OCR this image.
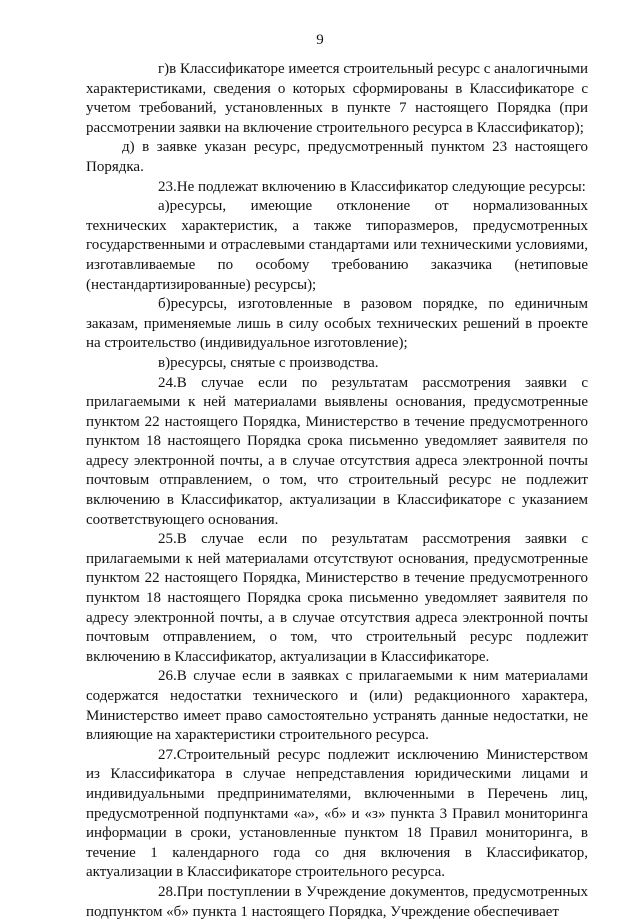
9

г)в Классификаторе имеется строительный ресурс с аналогичными характеристиками, сведения о которых сформированы в Классификаторе с учетом требований, установленных в пункте 7 настоящего Порядка (при рассмотрении заявки на включение строительного ресурса в Классификатор);

д) в заявке указан ресурс, предусмотренный пунктом 23 настоящего Порядка.

23.Не подлежат включению в Классификатор следующие ресурсы:

а)ресурсы, имеющие отклонение от нормализованных технических характеристик, а также типоразмеров, предусмотренных государственными и отраслевыми стандартами или техническими условиями, изготавливаемые по особому требованию заказчика (нетиповые (нестандартизированные) ресурсы);

б)ресурсы, изготовленные в разовом порядке, по единичным заказам, применяемые лишь в силу особых технических решений в проекте на строительство (индивидуальное изготовление);

в)ресурсы, снятые с производства.

24.В случае если по результатам рассмотрения заявки с прилагаемыми к ней материалами выявлены основания, предусмотренные пунктом 22 настоящего Порядка, Министерство в течение предусмотренного пунктом 18 настоящего Порядка срока письменно уведомляет заявителя по адресу электронной почты, а в случае отсутствия адреса электронной почты почтовым отправлением, о том, что строительный ресурс не подлежит включению в Классификатор, актуализации в Классификаторе с указанием соответствующего основания.

25.В случае если по результатам рассмотрения заявки с прилагаемыми к ней материалами отсутствуют основания, предусмотренные пунктом 22 настоящего Порядка, Министерство в течение предусмотренного пунктом 18 настоящего Порядка срока письменно уведомляет заявителя по адресу электронной почты, а в случае отсутствия адреса электронной почты почтовым отправлением, о том, что строительный ресурс подлежит включению в Классификатор, актуализации в Классификаторе.

26.В случае если в заявках с прилагаемыми к ним материалами содержатся недостатки технического и (или) редакционного характера, Министерство имеет право самостоятельно устранять данные недостатки, не влияющие на характеристики строительного ресурса.

27.Строительный ресурс подлежит исключению Министерством из Классификатора в случае непредставления юридическими лицами и индивидуальными предпринимателями, включенными в Перечень лиц, предусмотренной подпунктами «а», «б» и «з» пункта 3 Правил мониторинга информации в сроки, установленные пунктом 18 Правил мониторинга, в течение 1 календарного года со дня включения в Классификатор, актуализации в Классификаторе строительного ресурса.

28.При поступлении в Учреждение документов, предусмотренных подпунктом «б» пункта 1 настоящего Порядка, Учреждение обеспечивает
